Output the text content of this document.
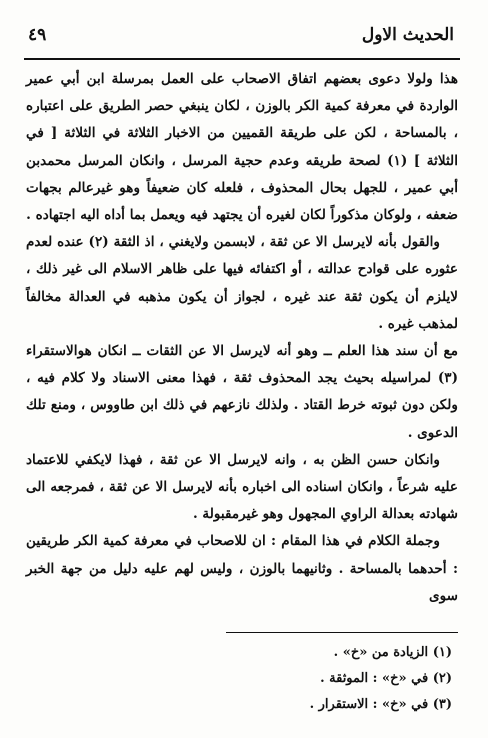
الحديث الاول
٤٩

هذا ولولا دعوى بعضهم اتفاق الاصحاب على العمل بمرسلة ابن أبي عمير الواردة في معرفة كمية الكر بالوزن ، لكان ينبغي حصر الطريق على اعتباره ، بالمساحة ، لكن على طريقة القميين من الاخبار الثلاثة في الثلاثة [ في الثلاثة ] (١) لصحة طريقه وعدم حجية المرسل ، وانكان المرسل محمدبن أبي عمير ، للجهل بحال المحذوف ، فلعله كان ضعيفاً وهو غيرعالم بجهات ضعفه ، ولوكان مذكوراً لكان لغيره أن يجتهد فيه ويعمل بما أداه اليه اجتهاده .

والقول بأنه لايرسل الا عن ثقة ، لابسمن ولايغني ، اذ الثقة (٢) عنده لعدم عثوره على قوادح عدالته ، أو اكتفائه فيها على ظاهر الاسلام الى غير ذلك ، لايلزم أن يكون ثقة عند غيره ، لجواز أن يكون مذهبه في العدالة مخالفاً لمذهب غيره .

مع أن سند هذا العلم ــ وهو أنه لايرسل الا عن الثقات ــ انكان هوالاستقراء (٣) لمراسيله بحيث يجد المحذوف ثقة ، فهذا معنى الاسناد ولا كلام فيه ، ولكن دون ثبوته خرط القتاد . ولذلك نازعهم في ذلك ابن طاووس ، ومنع تلك الدعوى .

وانكان حسن الظن به ، وانه لايرسل الا عن ثقة ، فهذا لايكفي للاعتماد عليه شرعاً ، وانكان اسناده الى اخباره بأنه لايرسل الا عن ثقة ، فمرجعه الى شهادته بعدالة الراوي المجهول وهو غيرمقبولة .

وجملة الكلام في هذا المقام : ان للاصحاب في معرفة كمية الكر طريقين : أحدهما بالمساحة . وثانيهما بالوزن ، وليس لهم عليه دليل من جهة الخبر سوى

(١) الزيادة من «خ» .
(٢) في «خ» : الموثقة .
(٣) في «خ» : الاستقرار .
